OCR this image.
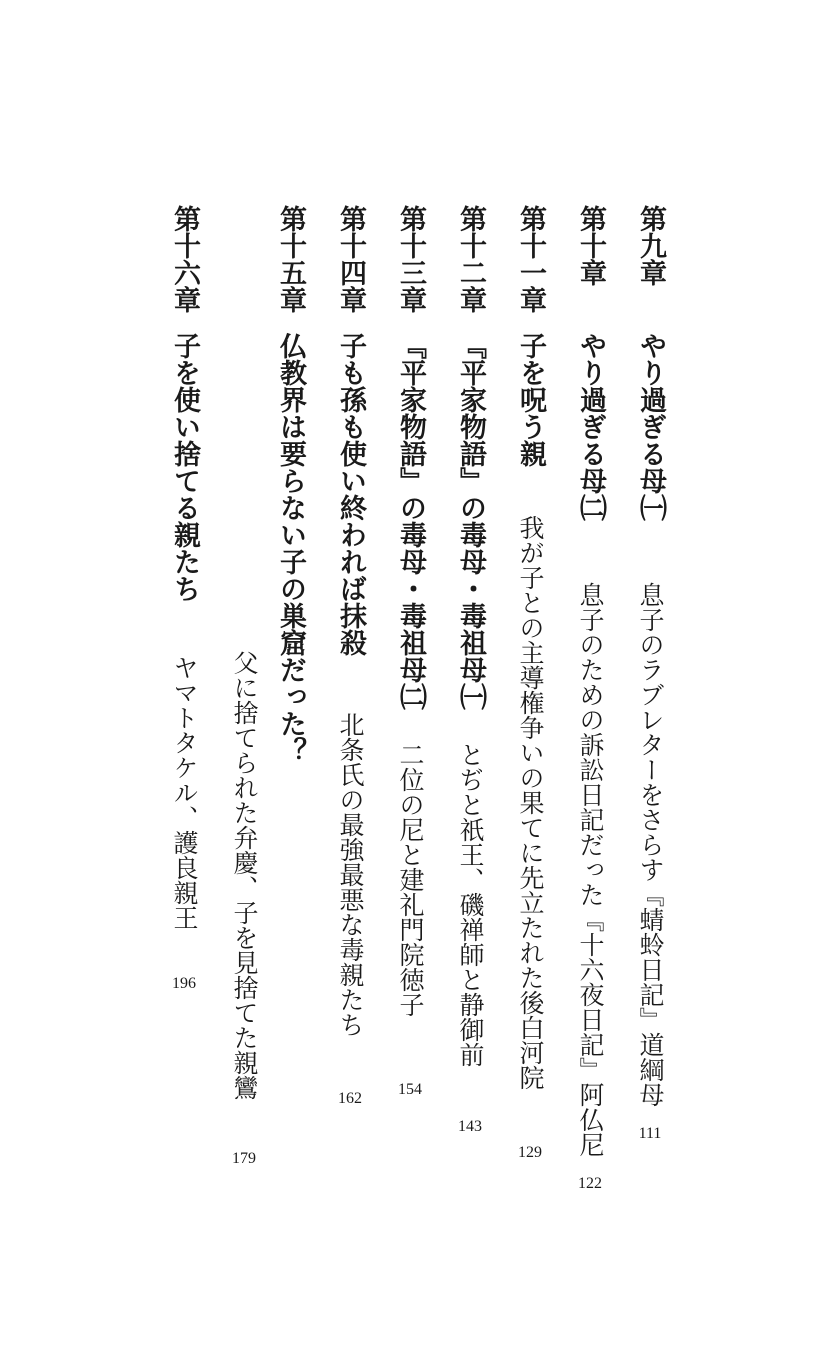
第九章
やり過ぎる母㈠
息子のラブレターをさらす『蜻蛉日記』道綱母
111
第十章
やり過ぎる母㈡
息子のための訴訟日記だった『十六夜日記』阿仏尼
122
第十一章
子を呪う親
我が子との主導権争いの果てに先立たれた後白河院
129
第十二章
『平家物語』の毒母・毒祖母㈠
とぢと祇王、磯禅師と静御前
143
第十三章
『平家物語』の毒母・毒祖母㈡
二位の尼と建礼門院徳子
154
第十四章
子も孫も使い終われば抹殺
北条氏の最強最悪な毒親たち
162
第十五章
仏教界は要らない子の巣窟だった？
父に捨てられた弁慶、子を見捨てた親鸞
179
第十六章
子を使い捨てる親たち
ヤマトタケル、護良親王
196
